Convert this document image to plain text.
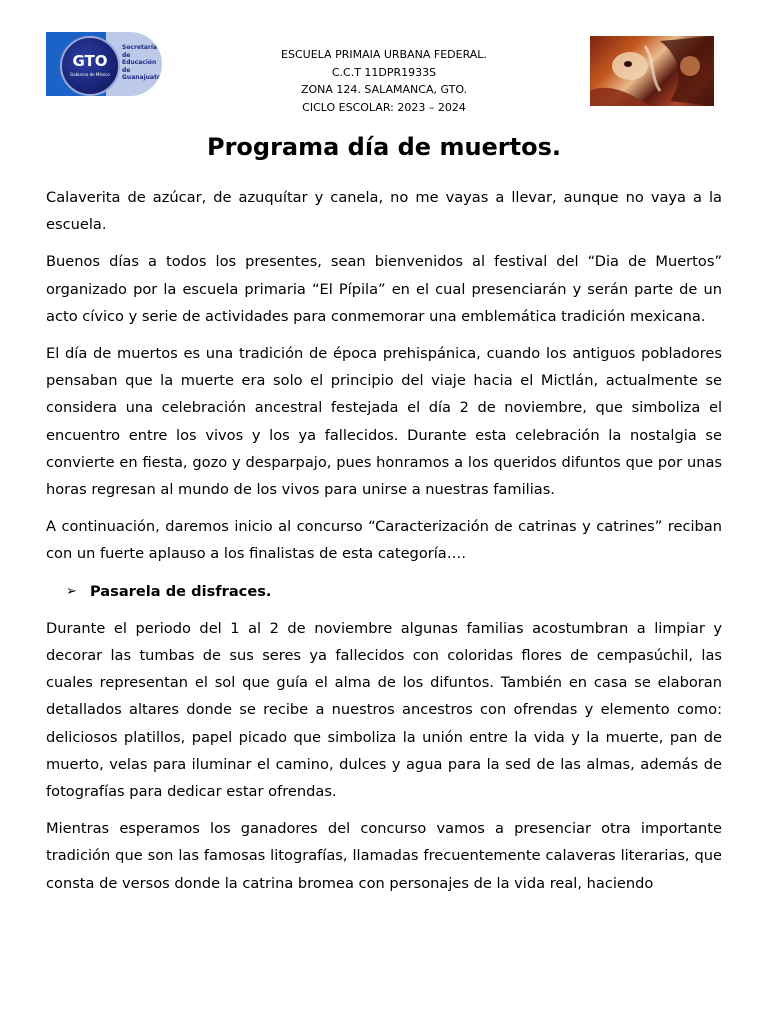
GTO
Gobierno de México
Secretaría de Educación de Guanajuato
ESCUELA PRIMAIA URBANA FEDERAL.
C.C.T 11DPR1933S
ZONA 124. SALAMANCA, GTO.
CICLO ESCOLAR: 2023 – 2024
Programa día de muertos.

Calaverita de azúcar, de azuquítar y canela, no me vayas a llevar, aunque no vaya a la escuela.

Buenos días a todos los presentes, sean bienvenidos al festival del “Dia de Muertos” organizado por la escuela primaria “El Pípila” en el cual presenciarán y serán parte de un acto cívico y serie de actividades para conmemorar una emblemática tradición mexicana.

El día de muertos es una tradición de época prehispánica, cuando los antiguos pobladores pensaban que la muerte era solo el principio del viaje hacia el Mictlán, actualmente se considera una celebración ancestral festejada el día 2 de noviembre, que simboliza el encuentro entre los vivos y los ya fallecidos. Durante esta celebración la nostalgia se convierte en fiesta, gozo y desparpajo, pues honramos a los queridos difuntos que por unas horas regresan al mundo de los vivos para unirse a nuestras familias.

A continuación, daremos inicio al concurso “Caracterización de catrinas y catrines” reciban con un fuerte aplauso a los finalistas de esta categoría….

➢ Pasarela de disfraces.

Durante el periodo del 1 al 2 de noviembre algunas familias acostumbran a limpiar y decorar las tumbas de sus seres ya fallecidos con coloridas flores de cempasúchil, las cuales representan el sol que guía el alma de los difuntos. También en casa se elaboran detallados altares donde se recibe a nuestros ancestros con ofrendas y elemento como: deliciosos platillos, papel picado que simboliza la unión entre la vida y la muerte, pan de muerto, velas para iluminar el camino, dulces y agua para la sed de las almas, además de fotografías para dedicar estar ofrendas.

Mientras esperamos los ganadores del concurso vamos a presenciar otra importante tradición que son las famosas litografías, llamadas frecuentemente calaveras literarias, que consta de versos donde la catrina bromea con personajes de la vida real, haciendo
